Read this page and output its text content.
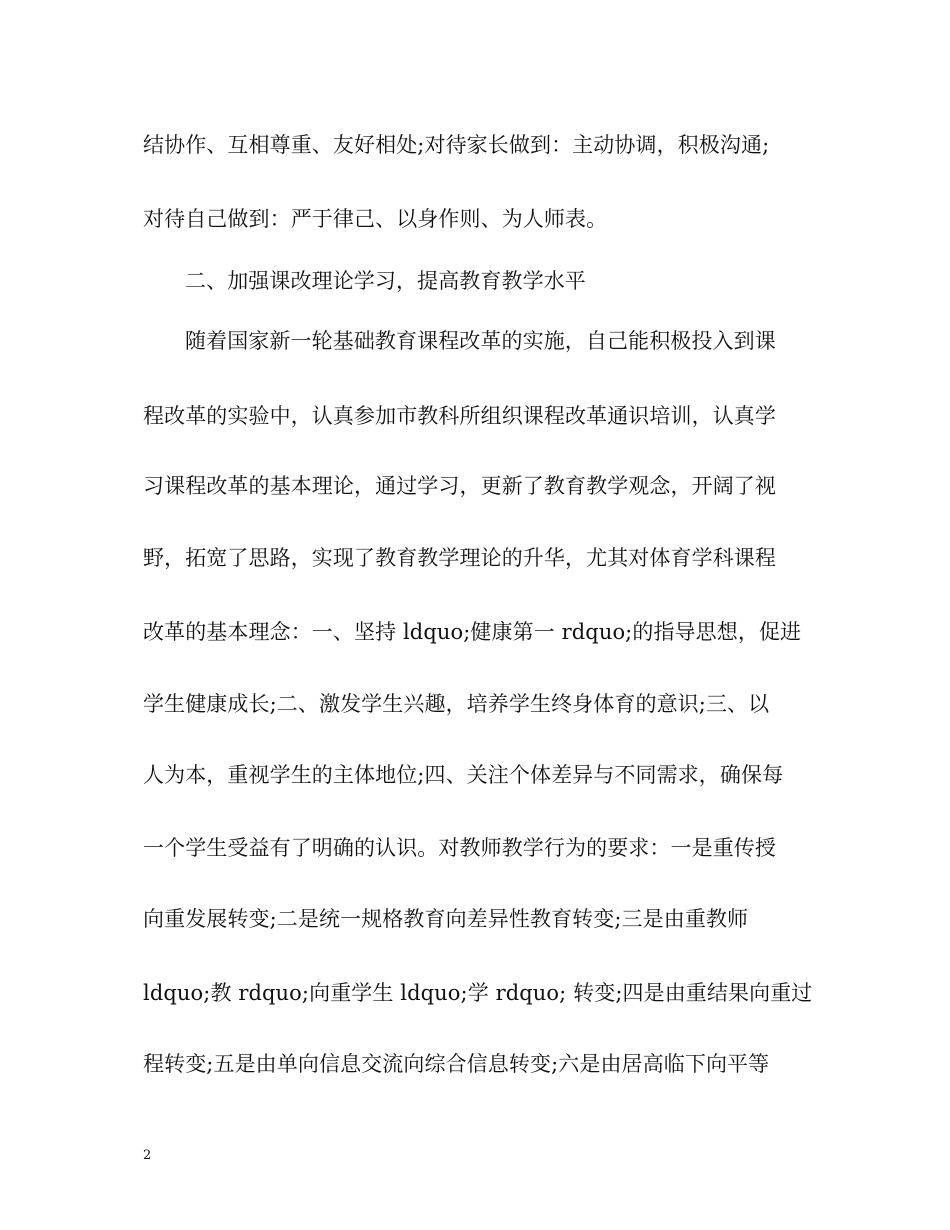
结协作、互相尊重、友好相处;对待家长做到：主动协调，积极沟通;
对待自己做到：严于律己、以身作则、为人师表。
二、加强课改理论学习，提高教育教学水平
随着国家新一轮基础教育课程改革的实施，自己能积极投入到课
程改革的实验中，认真参加市教科所组织课程改革通识培训，认真学
习课程改革的基本理论，通过学习，更新了教育教学观念，开阔了视
野，拓宽了思路，实现了教育教学理论的升华，尤其对体育学科课程
改革的基本理念：一、坚持 ldquo;健康第一 rdquo;的指导思想，促进
学生健康成长;二、激发学生兴趣，培养学生终身体育的意识;三、以
人为本，重视学生的主体地位;四、关注个体差异与不同需求，确保每
一个学生受益有了明确的认识。对教师教学行为的要求：一是重传授
向重发展转变;二是统一规格教育向差异性教育转变;三是由重教师
ldquo;教 rdquo;向重学生 ldquo;学 rdquo; 转变;四是由重结果向重过
程转变;五是由单向信息交流向综合信息转变;六是由居高临下向平等
2
